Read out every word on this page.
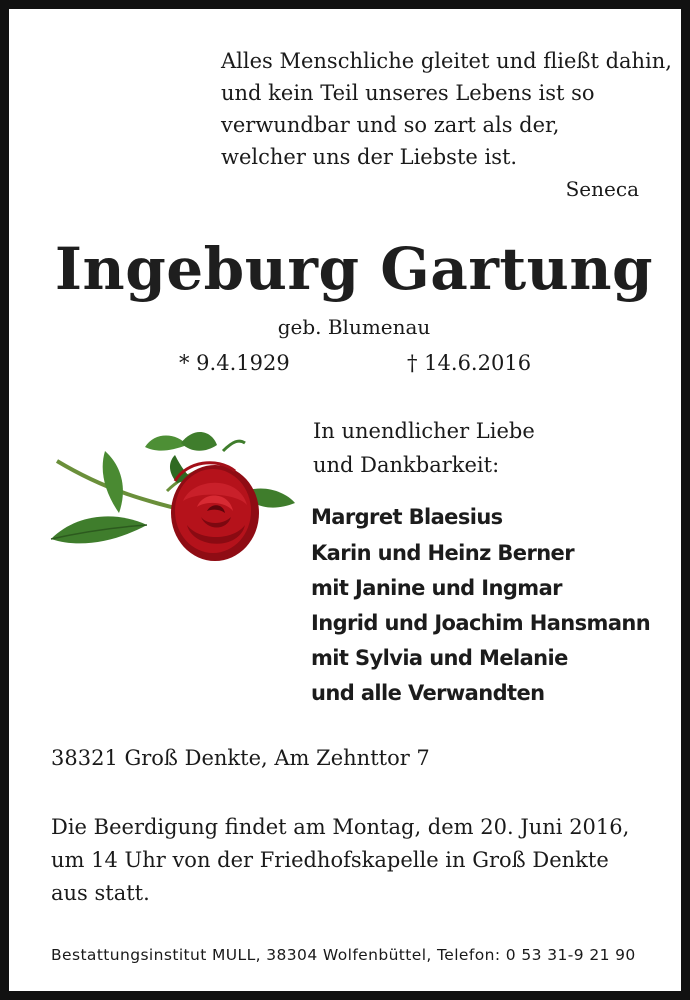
Alles Menschliche gleitet und fließt dahin,
und kein Teil unseres Lebens ist so
verwundbar und so zart als der,
welcher uns der Liebste ist.
Seneca
Ingeburg Gartung
geb. Blumenau
* 9.4.1929	† 14.6.2016
In unendlicher Liebe
und Dankbarkeit:
Margret Blaesius
Karin und Heinz Berner
mit Janine und Ingmar
Ingrid und Joachim Hansmann
mit Sylvia und Melanie
und alle Verwandten
38321 Groß Denkte, Am Zehnttor 7
Die Beerdigung findet am Montag, dem 20. Juni 2016,
um 14 Uhr von der Friedhofskapelle in Groß Denkte
aus statt.
Bestattungsinstitut MULL, 38304 Wolfenbüttel, Telefon: 0 53 31-9 21 90
